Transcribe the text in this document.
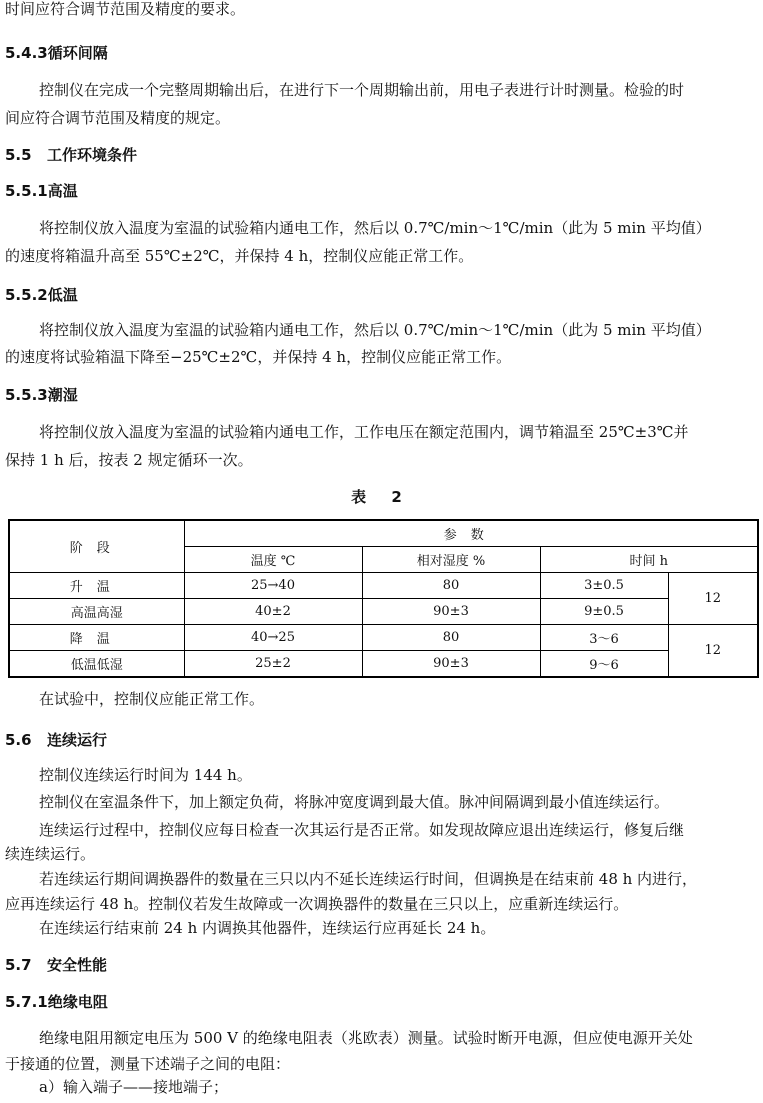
时间应符合调节范围及精度的要求。

5.4.3循环间隔

控制仪在完成一个完整周期输出后，在进行下一个周期输出前，用电子表进行计时测量。检验的时

间应符合调节范围及精度的规定。

5.5 工作环境条件
5.5.1高温

将控制仪放入温度为室温的试验箱内通电工作，然后以 0.7℃/min～1℃/min（此为 5 min 平均值）

的速度将箱温升高至 55℃±2℃，并保持 4 h，控制仪应能正常工作。

5.5.2低温

将控制仪放入温度为室温的试验箱内通电工作，然后以 0.7℃/min～1℃/min（此为 5 min 平均值）

的速度将试验箱温下降至−25℃±2℃，并保持 4 h，控制仪应能正常工作。

5.5.3潮湿

将控制仪放入温度为室温的试验箱内通电工作，工作电压在额定范围内，调节箱温至 25℃±3℃并

保持 1 h 后，按表 2 规定循环一次。

表 2

阶段	参数			
	温度 ℃	相对湿度 %	时间 h	
升温	25→40	80	3±0.5	12
高温高湿	40±2	90±3	9±0.5	
降温	40→25	80	3～6	12
低温低湿	25±2	90±3	9～6	

在试验中，控制仪应能正常工作。

5.6 连续运行

控制仪连续运行时间为 144 h。

控制仪在室温条件下，加上额定负荷，将脉冲宽度调到最大值。脉冲间隔调到最小值连续运行。

连续运行过程中，控制仪应每日检查一次其运行是否正常。如发现故障应退出连续运行，修复后继

续连续运行。

若连续运行期间调换器件的数量在三只以内不延长连续运行时间，但调换是在结束前 48 h 内进行，

应再连续运行 48 h。控制仪若发生故障或一次调换器件的数量在三只以上，应重新连续运行。

在连续运行结束前 24 h 内调换其他器件，连续运行应再延长 24 h。

5.7 安全性能
5.7.1绝缘电阻

绝缘电阻用额定电压为 500 V 的绝缘电阻表（兆欧表）测量。试验时断开电源，但应使电源开关处

于接通的位置，测量下述端子之间的电阻：

a）输入端子——接地端子；
